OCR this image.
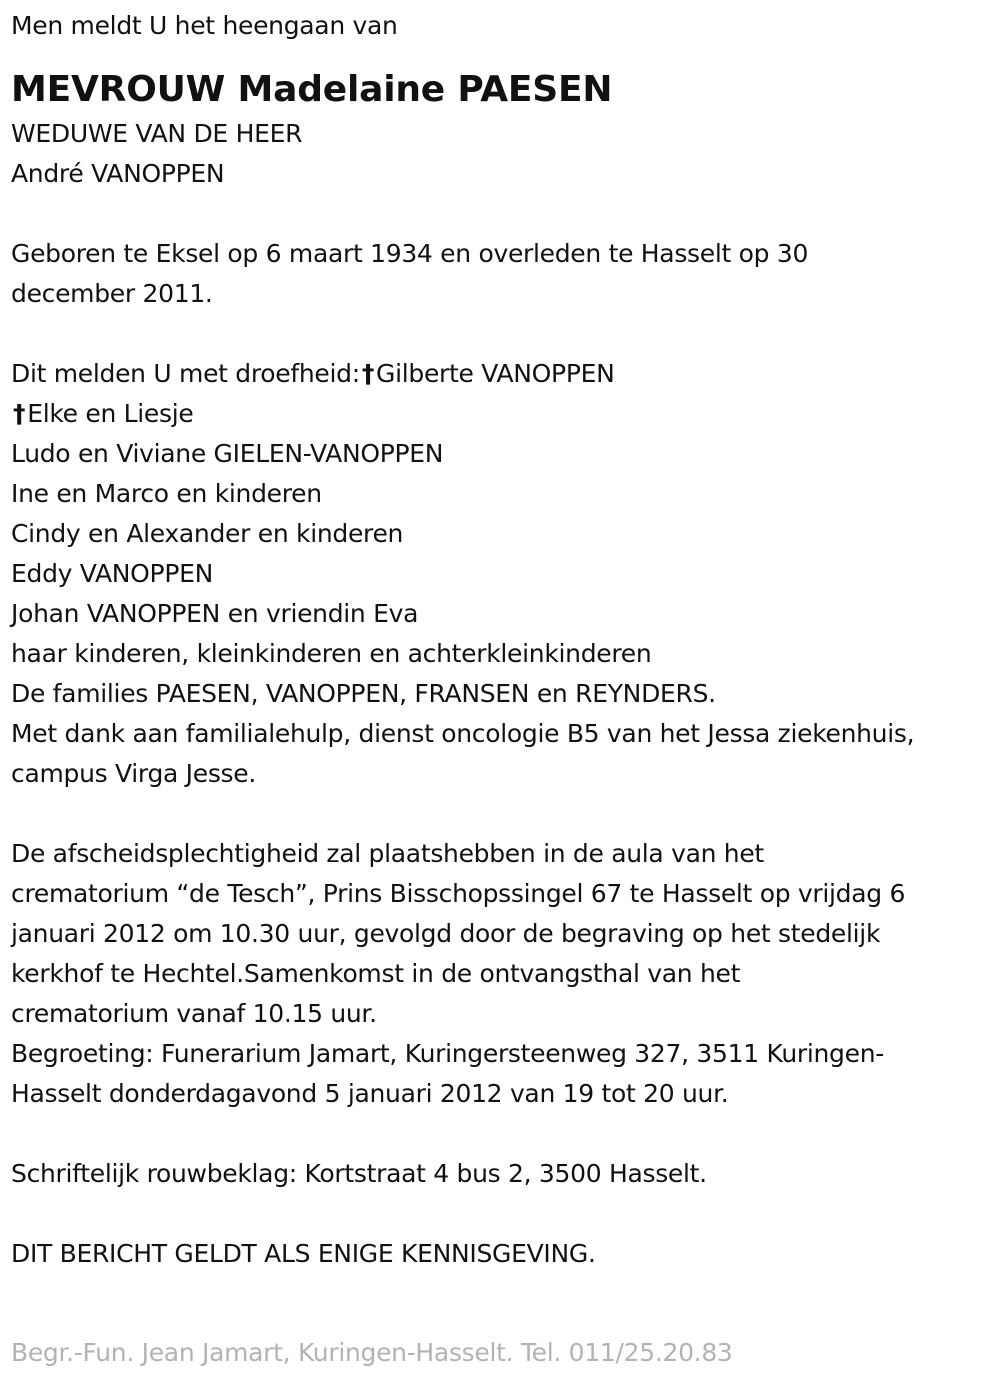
Men meldt U het heengaan van
MEVROUW Madelaine PAESEN
WEDUWE VAN DE HEER
André VANOPPEN
Geboren te Eksel op 6 maart 1934 en overleden te Hasselt op 30
december 2011.
Dit melden U met droefheid:†Gilberte VANOPPEN
†Elke en Liesje
Ludo en Viviane GIELEN-VANOPPEN
Ine en Marco en kinderen
Cindy en Alexander en kinderen
Eddy VANOPPEN
Johan VANOPPEN en vriendin Eva
haar kinderen, kleinkinderen en achterkleinkinderen
De families PAESEN, VANOPPEN, FRANSEN en REYNDERS.
Met dank aan familialehulp, dienst oncologie B5 van het Jessa ziekenhuis,
campus Virga Jesse.
De afscheidsplechtigheid zal plaatshebben in de aula van het
crematorium “de Tesch”, Prins Bisschopssingel 67 te Hasselt op vrijdag 6
januari 2012 om 10.30 uur, gevolgd door de begraving op het stedelijk
kerkhof te Hechtel.Samenkomst in de ontvangsthal van het
crematorium vanaf 10.15 uur.
Begroeting: Funerarium Jamart, Kuringersteenweg 327, 3511 Kuringen-
Hasselt donderdagavond 5 januari 2012 van 19 tot 20 uur.
Schriftelijk rouwbeklag: Kortstraat 4 bus 2, 3500 Hasselt.
DIT BERICHT GELDT ALS ENIGE KENNISGEVING.
Begr.-Fun. Jean Jamart, Kuringen-Hasselt. Tel. 011/25.20.83
